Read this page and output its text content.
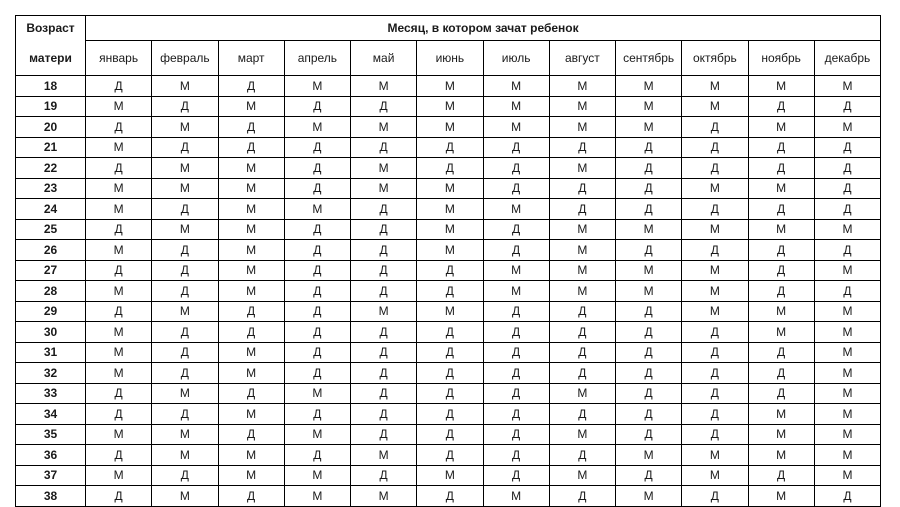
Возраст	Месяц, в котором зачат ребенок											
матери	январь	февраль	март	апрель	май	июнь	июль	август	сентябрь	октябрь	ноябрь	декабрь
18	Д	М	Д	М	М	М	М	М	М	М	М	М
19	М	Д	М	Д	Д	М	М	М	М	М	Д	Д
20	Д	М	Д	М	М	М	М	М	М	Д	М	М
21	М	Д	Д	Д	Д	Д	Д	Д	Д	Д	Д	Д
22	Д	М	М	Д	М	Д	Д	М	Д	Д	Д	Д
23	М	М	М	Д	М	М	Д	Д	Д	М	М	Д
24	М	Д	М	М	Д	М	М	Д	Д	Д	Д	Д
25	Д	М	М	Д	Д	М	Д	М	М	М	М	М
26	М	Д	М	Д	Д	М	Д	М	Д	Д	Д	Д
27	Д	Д	М	Д	Д	Д	М	М	М	М	Д	М
28	М	Д	М	Д	Д	Д	М	М	М	М	Д	Д
29	Д	М	Д	Д	М	М	Д	Д	Д	М	М	М
30	М	Д	Д	Д	Д	Д	Д	Д	Д	Д	М	М
31	М	Д	М	Д	Д	Д	Д	Д	Д	Д	Д	М
32	М	Д	М	Д	Д	Д	Д	Д	Д	Д	Д	М
33	Д	М	Д	М	Д	Д	Д	М	Д	Д	Д	М
34	Д	Д	М	Д	Д	Д	Д	Д	Д	Д	М	М
35	М	М	Д	М	Д	Д	Д	М	Д	Д	М	М
36	Д	М	М	Д	М	Д	Д	Д	М	М	М	М
37	М	Д	М	М	Д	М	Д	М	Д	М	Д	М
38	Д	М	Д	М	М	Д	М	Д	М	Д	М	Д
